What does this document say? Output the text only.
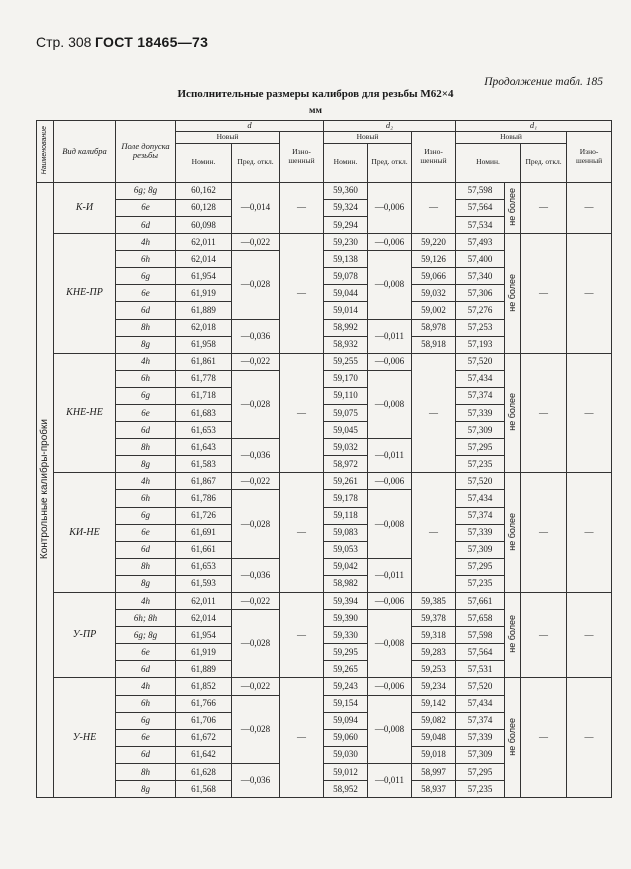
Стр. 308 ГОСТ 18465—73
Продолжение табл. 185
Исполнительные размеры калибров для резьбы М62×4
мм
Наименование	Вид калибра	Поле допуска резьбы	d			d₂			d₁			
			Новый		Изно-шенный	Новый		Изно-шенный	Новый			Изно-шенный
			Номин.	Пред. откл.		Номин.	Пред. откл.		Номин.		Пред. откл.	
Контрольные калибры-пробки	К-И	6g; 8g	60,162	—0,014	—	59,360	—0,006	—	57,598	не более	—	—
		6e	60,128			59,324			57,564			
		6d	60,098			59,294			57,534			
	КНЕ-ПР	4h	62,011	—0,022	—	59,230	—0,006	59,220	57,493	не более	—	—
		6h	62,014	—0,028		59,138	—0,008	59,126	57,400			
		6g	61,954			59,078		59,066	57,340			
		6e	61,919			59,044		59,032	57,306			
		6d	61,889			59,014		59,002	57,276			
		8h	62,018	—0,036		58,992	—0,011	58,978	57,253			
		8g	61,958			58,932		58,918	57,193			
	КНЕ-НЕ	4h	61,861	—0,022	—	59,255	—0,006	—	57,520	не более	—	—
		6h	61,778	—0,028		59,170	—0,008		57,434			
		6g	61,718			59,110			57,374			
		6e	61,683			59,075			57,339			
		6d	61,653			59,045			57,309			
		8h	61,643	—0,036		59,032	—0,011		57,295			
		8g	61,583			58,972			57,235			
	КИ-НЕ	4h	61,867	—0,022	—	59,261	—0,006	—	57,520	не более	—	—
		6h	61,786	—0,028		59,178	—0,008		57,434			
		6g	61,726			59,118			57,374			
		6e	61,691			59,083			57,339			
		6d	61,661			59,053			57,309			
		8h	61,653	—0,036		59,042	—0,011		57,295			
		8g	61,593			58,982			57,235			
	У-ПР	4h	62,011	—0,022	—	59,394	—0,006	59,385	57,661	не более	—	—
		6h; 8h	62,014	—0,028		59,390	—0,008	59,378	57,658			
		6g; 8g	61,954			59,330		59,318	57,598			
		6e	61,919			59,295		59,283	57,564			
		6d	61,889			59,265		59,253	57,531			
	У-НЕ	4h	61,852	—0,022	—	59,243	—0,006	59,234	57,520	не более	—	—
		6h	61,766	—0,028		59,154	—0,008	59,142	57,434			
		6g	61,706			59,094		59,082	57,374			
		6e	61,672			59,060		59,048	57,339			
		6d	61,642			59,030		59,018	57,309			
		8h	61,628	—0,036		59,012	—0,011	58,997	57,295			
		8g	61,568			58,952		58,937	57,235			
